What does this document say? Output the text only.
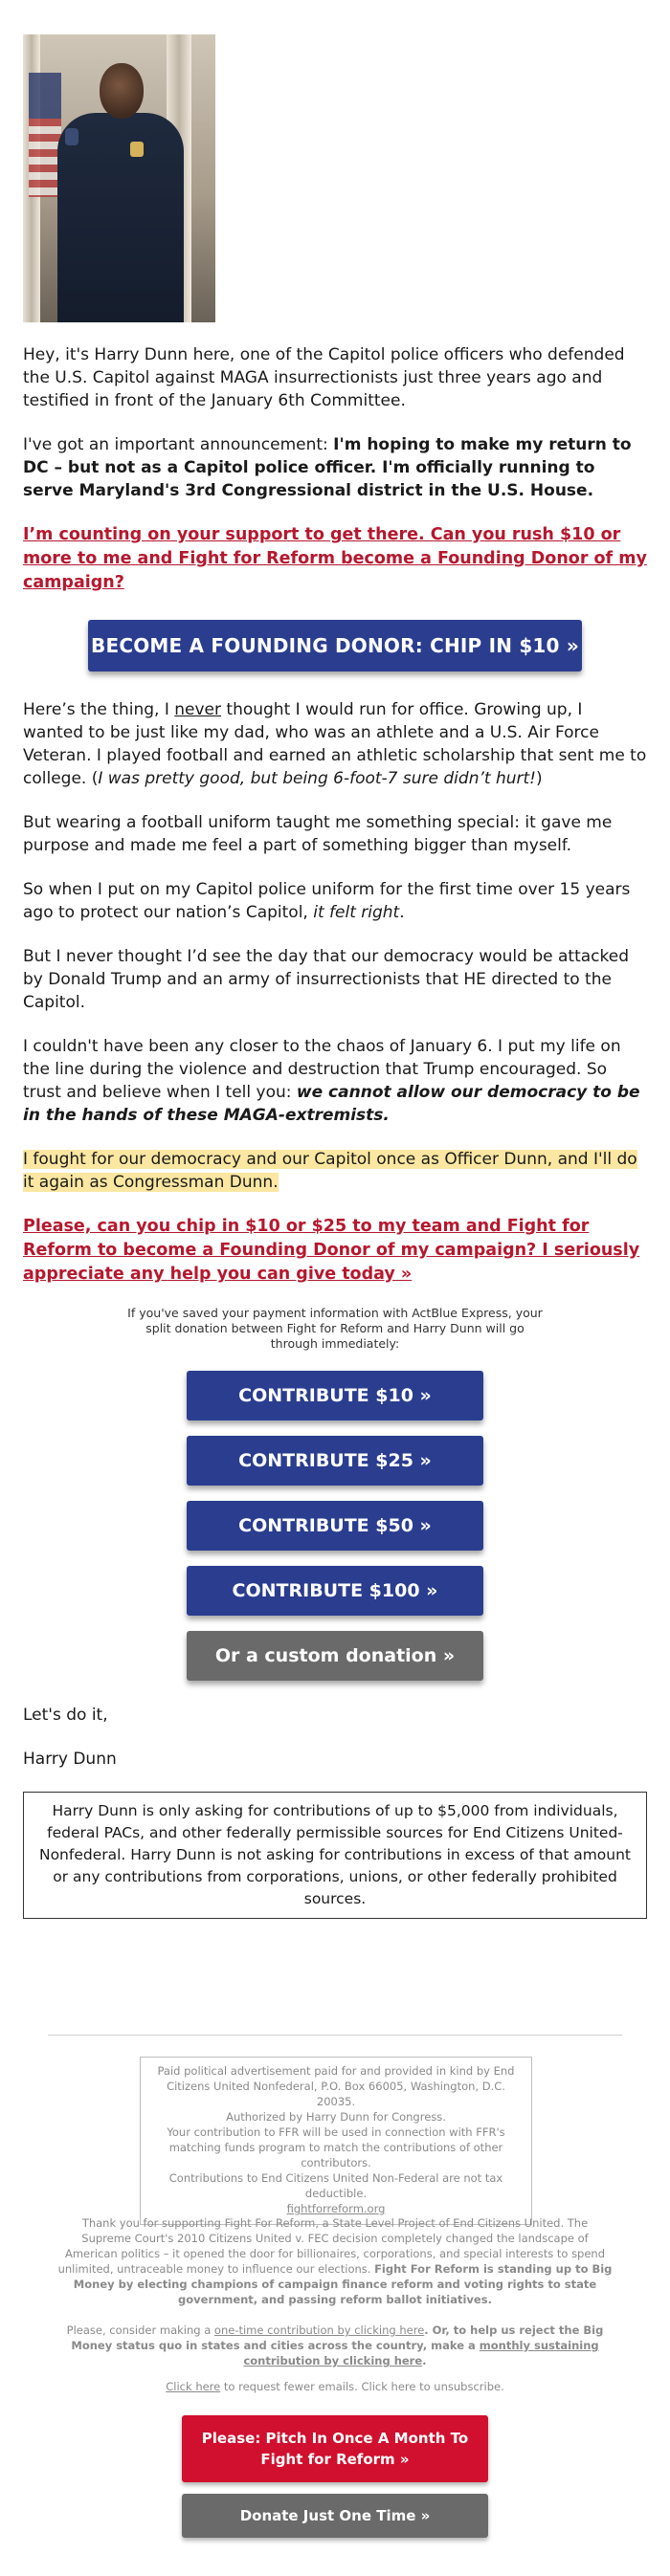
Hey, it's Harry Dunn here, one of the Capitol police officers who defended the U.S. Capitol against MAGA insurrectionists just three years ago and testified in front of the January 6th Committee.

I've got an important announcement: I'm hoping to make my return to DC – but not as a Capitol police officer. I'm officially running to serve Maryland's 3rd Congressional district in the U.S. House.

I’m counting on your support to get there. Can you rush $10 or more to me and Fight for Reform become a Founding Donor of my campaign?

BECOME A FOUNDING DONOR: CHIP IN $10 »

Here’s the thing, I never thought I would run for office. Growing up, I wanted to be just like my dad, who was an athlete and a U.S. Air Force Veteran. I played football and earned an athletic scholarship that sent me to college. (I was pretty good, but being 6-foot-7 sure didn’t hurt!)

But wearing a football uniform taught me something special: it gave me purpose and made me feel a part of something bigger than myself.

So when I put on my Capitol police uniform for the first time over 15 years ago to protect our nation’s Capitol, it felt right.

But I never thought I’d see the day that our democracy would be attacked by Donald Trump and an army of insurrectionists that HE directed to the Capitol.

I couldn't have been any closer to the chaos of January 6. I put my life on the line during the violence and destruction that Trump encouraged. So trust and believe when I tell you: we cannot allow our democracy to be in the hands of these MAGA-extremists.

I fought for our democracy and our Capitol once as Officer Dunn, and I'll do it again as Congressman Dunn.

Please, can you chip in $10 or $25 to my team and Fight for Reform to become a Founding Donor of my campaign? I seriously appreciate any help you can give today »

If you've saved your payment information with ActBlue Express, your split donation between Fight for Reform and Harry Dunn will go through immediately:

CONTRIBUTE $10 »
CONTRIBUTE $25 »
CONTRIBUTE $50 »
CONTRIBUTE $100 »
Or a custom donation »

Let's do it,

Harry Dunn

Harry Dunn is only asking for contributions of up to $5,000 from individuals, federal PACs, and other federally permissible sources for End Citizens United-Nonfederal. Harry Dunn is not asking for contributions in excess of that amount or any contributions from corporations, unions, or other federally prohibited sources.
Paid political advertisement paid for and provided in kind by End Citizens United Nonfederal, P.O. Box 66005, Washington, D.C. 20035.
Authorized by Harry Dunn for Congress.
Your contribution to FFR will be used in connection with FFR's matching funds program to match the contributions of other contributors.
Contributions to End Citizens United Non-Federal are not tax deductible.
fightforreform.org
Thank you for supporting Fight For Reform, a State Level Project of End Citizens United. The Supreme Court's 2010 Citizens United v. FEC decision completely changed the landscape of American politics – it opened the door for billionaires, corporations, and special interests to spend unlimited, untraceable money to influence our elections. Fight For Reform is standing up to Big Money by electing champions of campaign finance reform and voting rights to state government, and passing reform ballot initiatives.
Please, consider making a one-time contribution by clicking here. Or, to help us reject the Big Money status quo in states and cities across the country, make a monthly sustaining contribution by clicking here.
Click here to request fewer emails. Click here to unsubscribe.
Please: Pitch In Once A Month To Fight for Reform »
Donate Just One Time »
